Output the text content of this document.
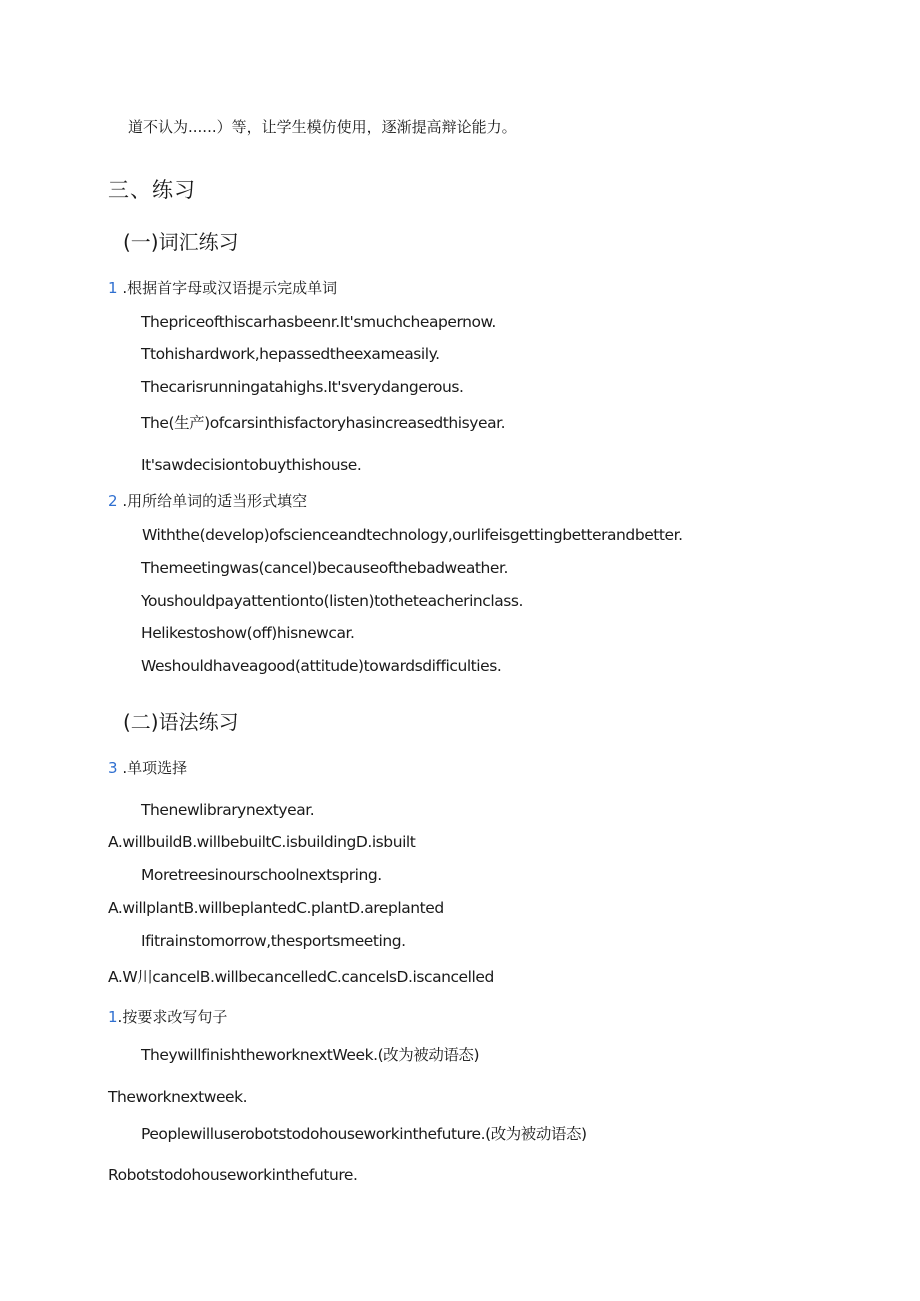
道不认为......）等，让学生模仿使用，逐渐提高辩论能力。
三、练习
(一)词汇练习
1 .根据首字母或汉语提示完成单词
Thepriceofthiscarhasbeenr.It'smuchcheapernow.
Ttohishardwork,hepassedtheexameasily.
Thecarisrunningatahighs.It'sverydangerous.
The(生产)ofcarsinthisfactoryhasincreasedthisyear.
It'sawdecisiontobuythishouse.
2 .用所给单词的适当形式填空
Withthe(develop)ofscienceandtechnology,ourlifeisgettingbetterandbetter.
Themeetingwas(cancel)becauseofthebadweather.
Youshouldpayattentionto(listen)totheteacherinclass.
Helikestoshow(off)hisnewcar.
Weshouldhaveagood(attitude)towardsdifficulties.
(二)语法练习
3 .单项选择
Thenewlibrarynextyear.
A.willbuildB.willbebuiltC.isbuildingD.isbuilt
Moretreesinourschoolnextspring.
A.willplantB.willbeplantedC.plantD.areplanted
Ifitrainstomorrow,thesportsmeeting.
A.W川cancelB.willbecancelledC.cancelsD.iscancelled
1.按要求改写句子
TheywillfinishtheworknextWeek.(改为被动语态)
Theworknextweek.
Peoplewilluserobotstodohouseworkinthefuture.(改为被动语态)
Robotstodohouseworkinthefuture.
